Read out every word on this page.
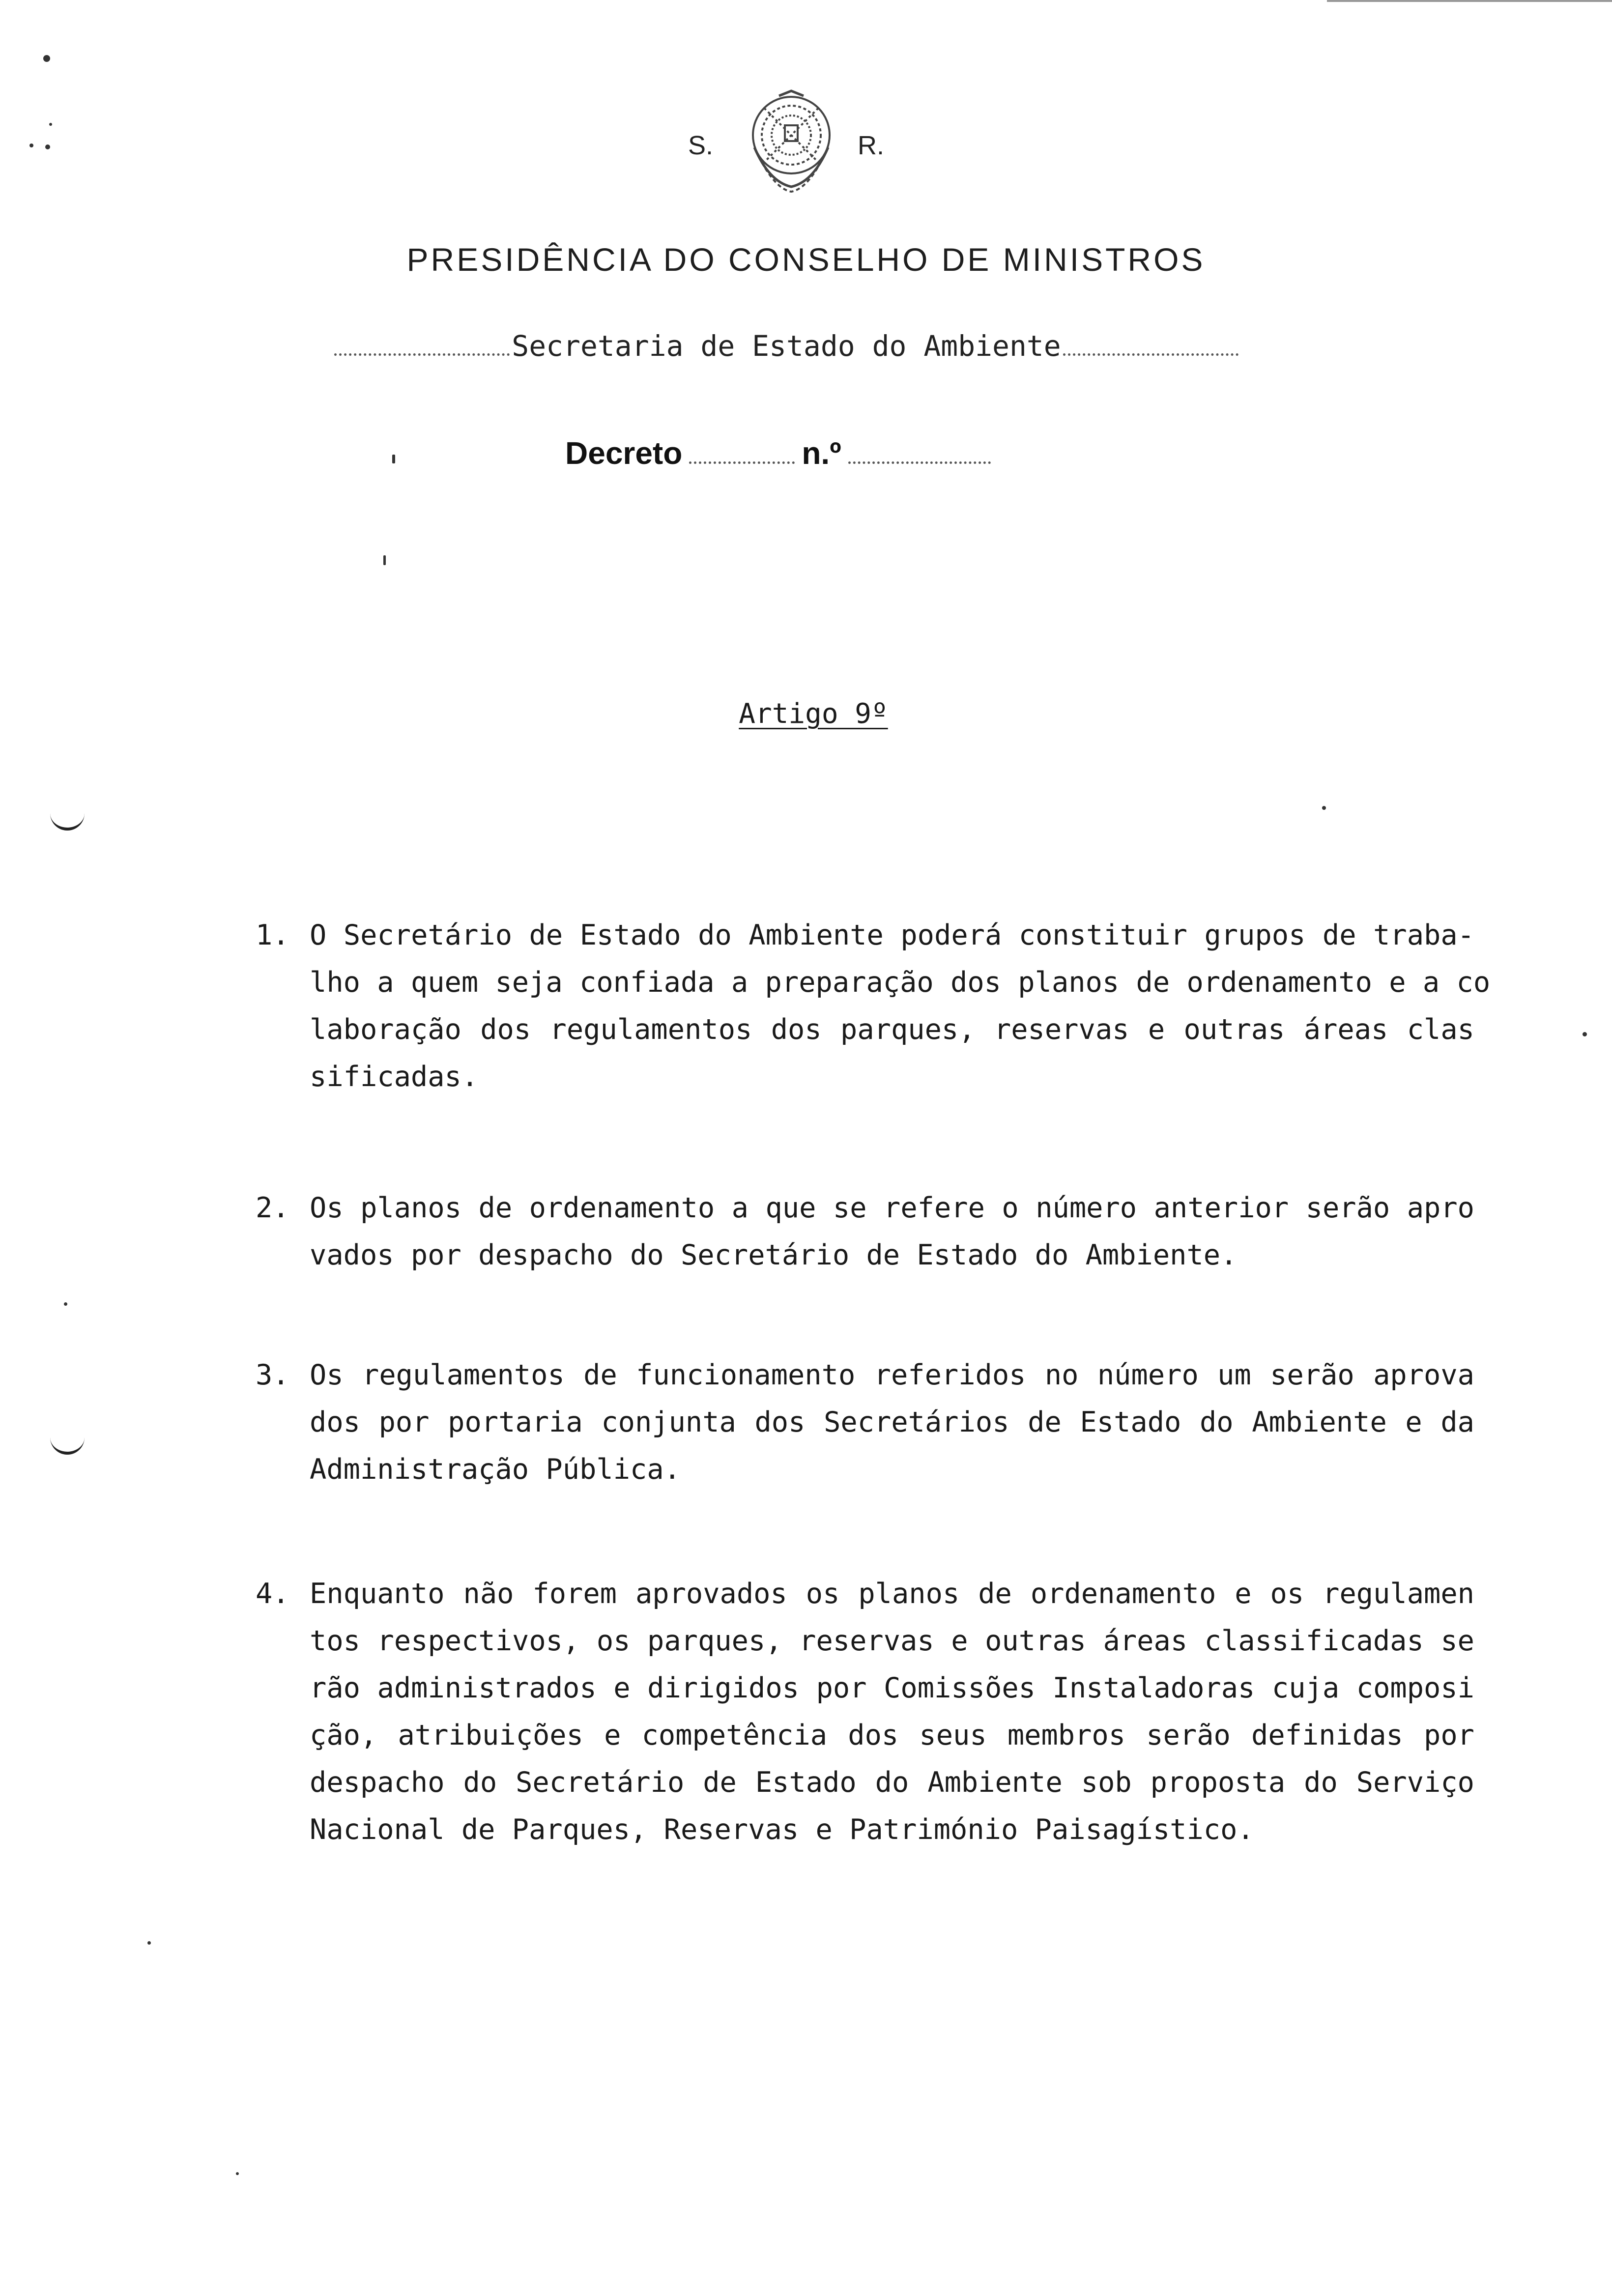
S.	R.
PRESIDÊNCIA DO CONSELHO DE MINISTROS
Secretaria de Estado do Ambiente
Decreto	n.º
Artigo 9º
1. O Secretário de Estado do Ambiente poderá constituir grupos de traba-
lho a quem seja confiada a preparação dos planos de ordenamento e a co
laboração dos regulamentos dos parques, reservas e outras áreas clas
sificadas.
2. Os planos de ordenamento a que se refere o número anterior serão apro
vados por despacho do Secretário de Estado do Ambiente.
3. Os regulamentos de funcionamento referidos no número um serão aprova
dos por portaria conjunta dos Secretários de Estado do Ambiente e da
Administração Pública.
4. Enquanto não forem aprovados os planos de ordenamento e os regulamen
tos respectivos, os parques, reservas e outras áreas classificadas se
rão administrados e dirigidos por Comissões Instaladoras cuja composi
ção, atribuições e competência dos seus membros serão definidas por
despacho do Secretário de Estado do Ambiente sob proposta do Serviço
Nacional de Parques, Reservas e Património Paisagístico.
